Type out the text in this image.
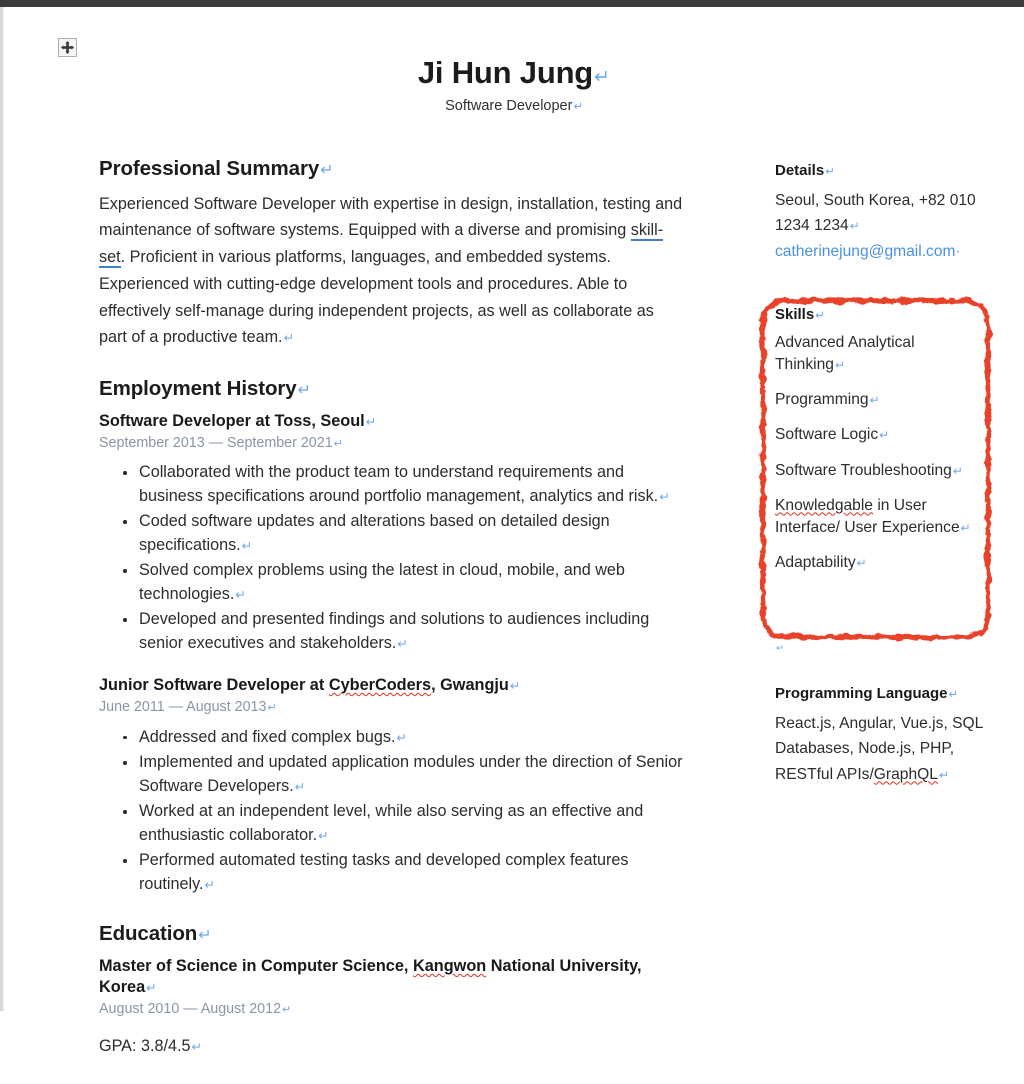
Ji Hun Jung↵
Software Developer↵
Professional Summary↵

Experienced Software Developer with expertise in design, installation, testing and maintenance of software systems. Equipped with a diverse and promising skill-set. Proficient in various platforms, languages, and embedded systems. Experienced with cutting-edge development tools and procedures. Able to effectively self-manage during independent projects, as well as collaborate as part of a productive team.↵

Employment History↵
Software Developer at Toss, Seoul↵

September 2013 — September 2021↵

Collaborated with the product team to understand requirements and business specifications around portfolio management, analytics and risk.↵
Coded software updates and alterations based on detailed design specifications.↵
Solved complex problems using the latest in cloud, mobile, and web technologies.↵
Developed and presented findings and solutions to audiences including senior executives and stakeholders.↵
Junior Software Developer at CyberCoders, Gwangju↵

June 2011 — August 2013↵

Addressed and fixed complex bugs.↵
Implemented and updated application modules under the direction of Senior Software Developers.↵
Worked at an independent level, while also serving as an effective and enthusiastic collaborator.↵
Performed automated testing tasks and developed complex features routinely.↵
Education↵
Master of Science in Computer Science, Kangwon National University, Korea↵

August 2010 — August 2012↵

GPA: 3.8/4.5↵

Details↵

Seoul, South Korea, +82 010 1234 1234↵

catherinejung@gmail.com·

Skills↵

Advanced Analytical Thinking↵

Programming↵

Software Logic↵

Software Troubleshooting↵

Knowledgable in User Interface/ User Experience↵

Adaptability↵

↵
Programming Language↵

React.js, Angular, Vue.js, SQL Databases, Node.js, PHP, RESTful APIs/GraphQL↵
